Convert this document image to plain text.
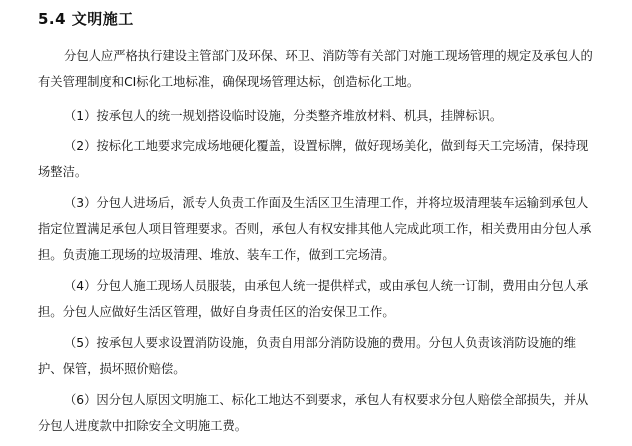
5.4 文明施工

分包人应严格执行建设主管部门及环保、环卫、消防等有关部门对施工现场管理的规定及承包人的有关管理制度和CI标化工地标准，确保现场管理达标，创造标化工地。

（1）按承包人的统一规划搭设临时设施，分类整齐堆放材料、机具，挂牌标识。

（2）按标化工地要求完成场地硬化覆盖，设置标牌，做好现场美化，做到每天工完场清，保持现场整洁。

（3）分包人进场后，派专人负责工作面及生活区卫生清理工作，并将垃圾清理装车运输到承包人指定位置满足承包人项目管理要求。否则，承包人有权安排其他人完成此项工作，相关费用由分包人承担。负责施工现场的垃圾清理、堆放、装车工作，做到工完场清。

（4）分包人施工现场人员服装，由承包人统一提供样式，或由承包人统一订制，费用由分包人承担。分包人应做好生活区管理，做好自身责任区的治安保卫工作。

（5）按承包人要求设置消防设施，负责自用部分消防设施的费用。分包人负责该消防设施的维护、保管，损坏照价赔偿。

（6）因分包人原因文明施工、标化工地达不到要求，承包人有权要求分包人赔偿全部损失，并从分包人进度款中扣除安全文明施工费。
